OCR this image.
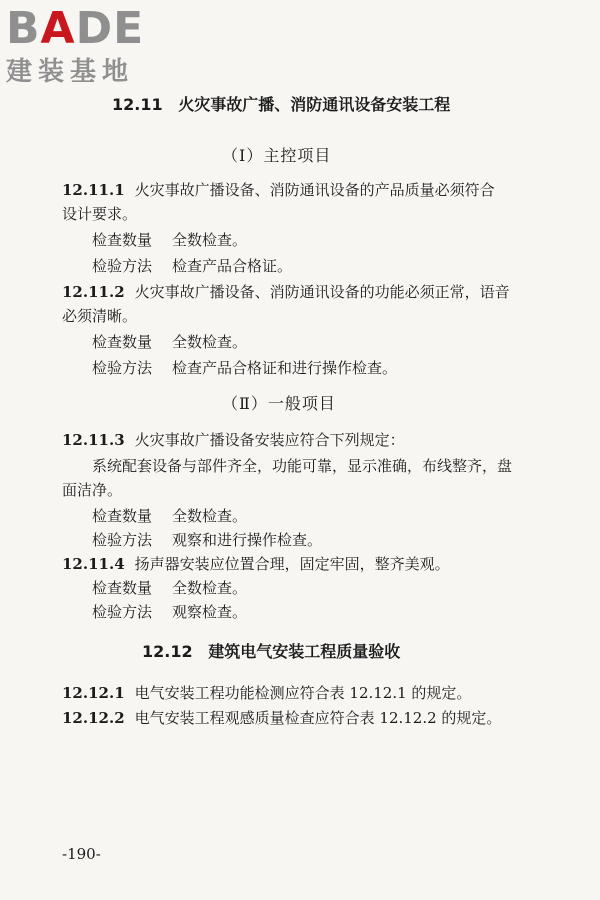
BADE
建装基地
12.11 火灾事故广播、消防通讯设备安装工程
（Ⅰ）主控项目
12.11.1 火灾事故广播设备、消防通讯设备的产品质量必须符合
设计要求。
检查数量 全数检查。
检验方法 检查产品合格证。
12.11.2 火灾事故广播设备、消防通讯设备的功能必须正常，语音
必须清晰。
检查数量 全数检查。
检验方法 检查产品合格证和进行操作检查。
（Ⅱ）一般项目
12.11.3 火灾事故广播设备安装应符合下列规定：
系统配套设备与部件齐全，功能可靠，显示准确，布线整齐，盘
面洁净。
检查数量 全数检查。
检验方法 观察和进行操作检查。
12.11.4 扬声器安装应位置合理，固定牢固，整齐美观。
检查数量 全数检查。
检验方法 观察检查。
12.12 建筑电气安装工程质量验收
12.12.1 电气安装工程功能检测应符合表 12.12.1 的规定。
12.12.2 电气安装工程观感质量检查应符合表 12.12.2 的规定。
-190-
